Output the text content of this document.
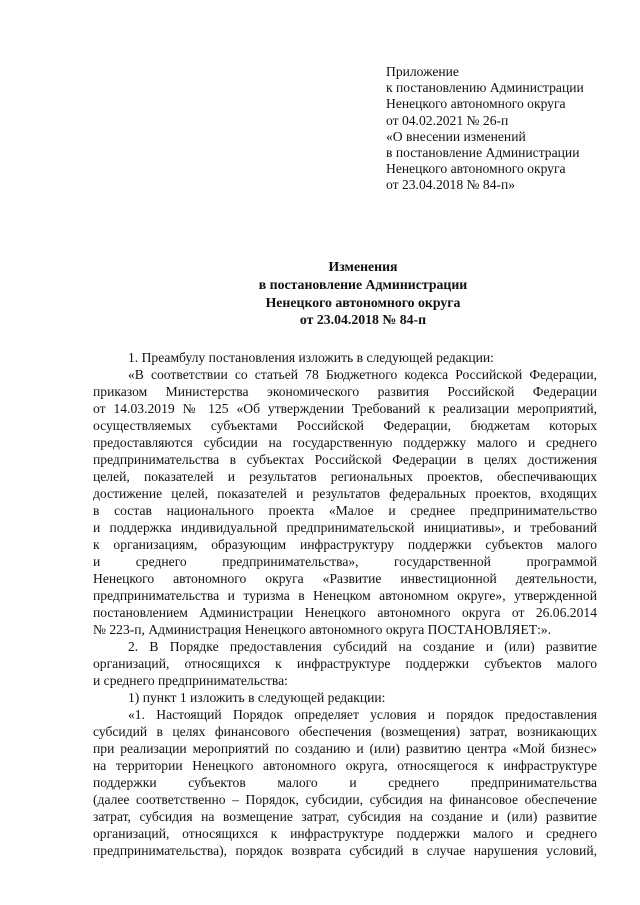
Приложение
к постановлению Администрации
Ненецкого автономного округа
от 04.02.2021 № 26-п
«О внесении изменений
в постановление Администрации
Ненецкого автономного округа
от 23.04.2018 № 84-п»
Изменения
в постановление Администрации
Ненецкого автономного округа
от 23.04.2018 № 84-п
1. Преамбулу постановления изложить в следующей редакции:
«В соответствии со статьей 78 Бюджетного кодекса Российской Федерации,
приказом Министерства экономического развития Российской Федерации
от 14.03.2019 № 125 «Об утверждении Требований к реализации мероприятий,
осуществляемых субъектами Российской Федерации, бюджетам которых
предоставляются субсидии на государственную поддержку малого и среднего
предпринимательства в субъектах Российской Федерации в целях достижения
целей, показателей и результатов региональных проектов, обеспечивающих
достижение целей, показателей и результатов федеральных проектов, входящих
в состав национального проекта «Малое и среднее предпринимательство
и поддержка индивидуальной предпринимательской инициативы», и требований
к организациям, образующим инфраструктуру поддержки субъектов малого
и среднего предпринимательства», государственной программой
Ненецкого автономного округа «Развитие инвестиционной деятельности,
предпринимательства и туризма в Ненецком автономном округе», утвержденной
постановлением Администрации Ненецкого автономного округа от 26.06.2014
№ 223-п, Администрация Ненецкого автономного округа ПОСТАНОВЛЯЕТ:».
2. В Порядке предоставления субсидий на создание и (или) развитие
организаций, относящихся к инфраструктуре поддержки субъектов малого
и среднего предпринимательства:
1) пункт 1 изложить в следующей редакции:
«1. Настоящий Порядок определяет условия и порядок предоставления
субсидий в целях финансового обеспечения (возмещения) затрат, возникающих
при реализации мероприятий по созданию и (или) развитию центра «Мой бизнес»
на территории Ненецкого автономного округа, относящегося к инфраструктуре
поддержки субъектов малого и среднего предпринимательства
(далее соответственно – Порядок, субсидии, субсидия на финансовое обеспечение
затрат, субсидия на возмещение затрат, субсидия на создание и (или) развитие
организаций, относящихся к инфраструктуре поддержки малого и среднего
предпринимательства), порядок возврата субсидий в случае нарушения условий,
